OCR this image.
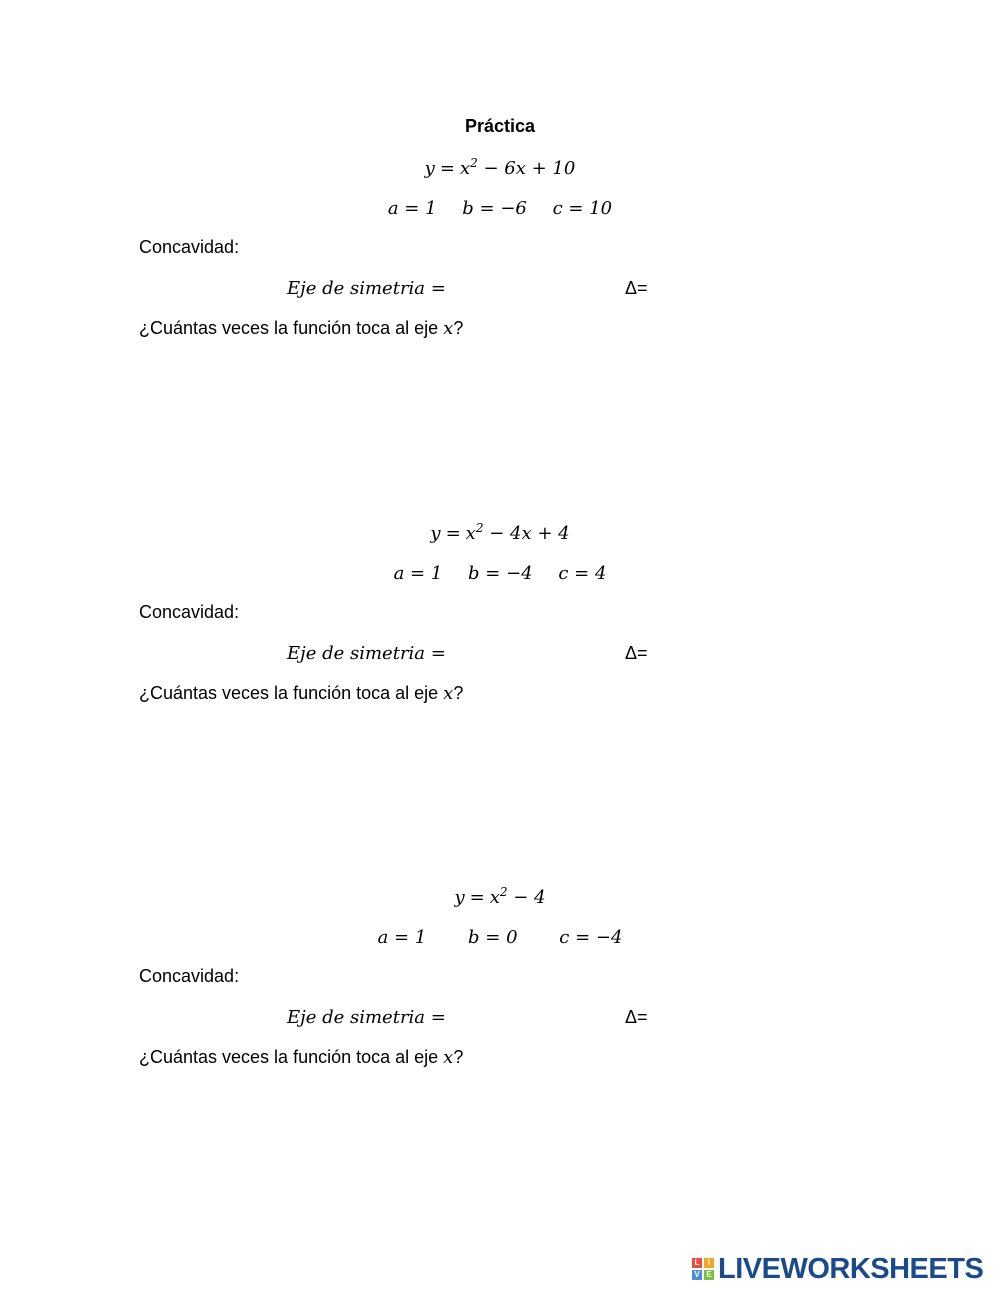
Práctica
$y = x^2 - 6x + 10$
a = 1 b = −6 c = 10
Concavidad:
Eje de simetria =	Δ=
¿Cuántas veces la función toca al eje x?
$y = x^2 - 4x + 4$
a = 1 b = −4 c = 4
Concavidad:
Eje de simetria =	Δ=
¿Cuántas veces la función toca al eje x?
$y = x^2 - 4$
a = 1 b = 0 c = −4
Concavidad:
Eje de simetria =	Δ=
¿Cuántas veces la función toca al eje x?
L	I
V E LIVEWORKSHEETS
